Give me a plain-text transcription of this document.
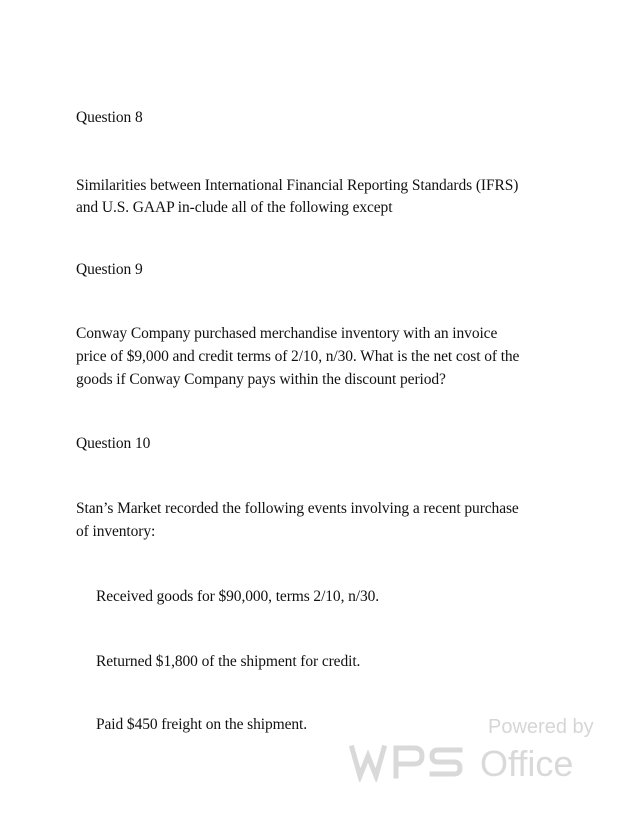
Question 8
Similarities between International Financial Reporting Standards (IFRS)
and U.S. GAAP in-clude all of the following except
Question 9
Conway Company purchased merchandise inventory with an invoice
price of $9,000 and credit terms of 2/10, n/30. What is the net cost of the
goods if Conway Company pays within the discount period?
Question 10
Stan’s Market recorded the following events involving a recent purchase
of inventory:
Received goods for $90,000, terms 2/10, n/30.
Returned $1,800 of the shipment for credit.
Paid $450 freight on the shipment.	Powered by
Office
